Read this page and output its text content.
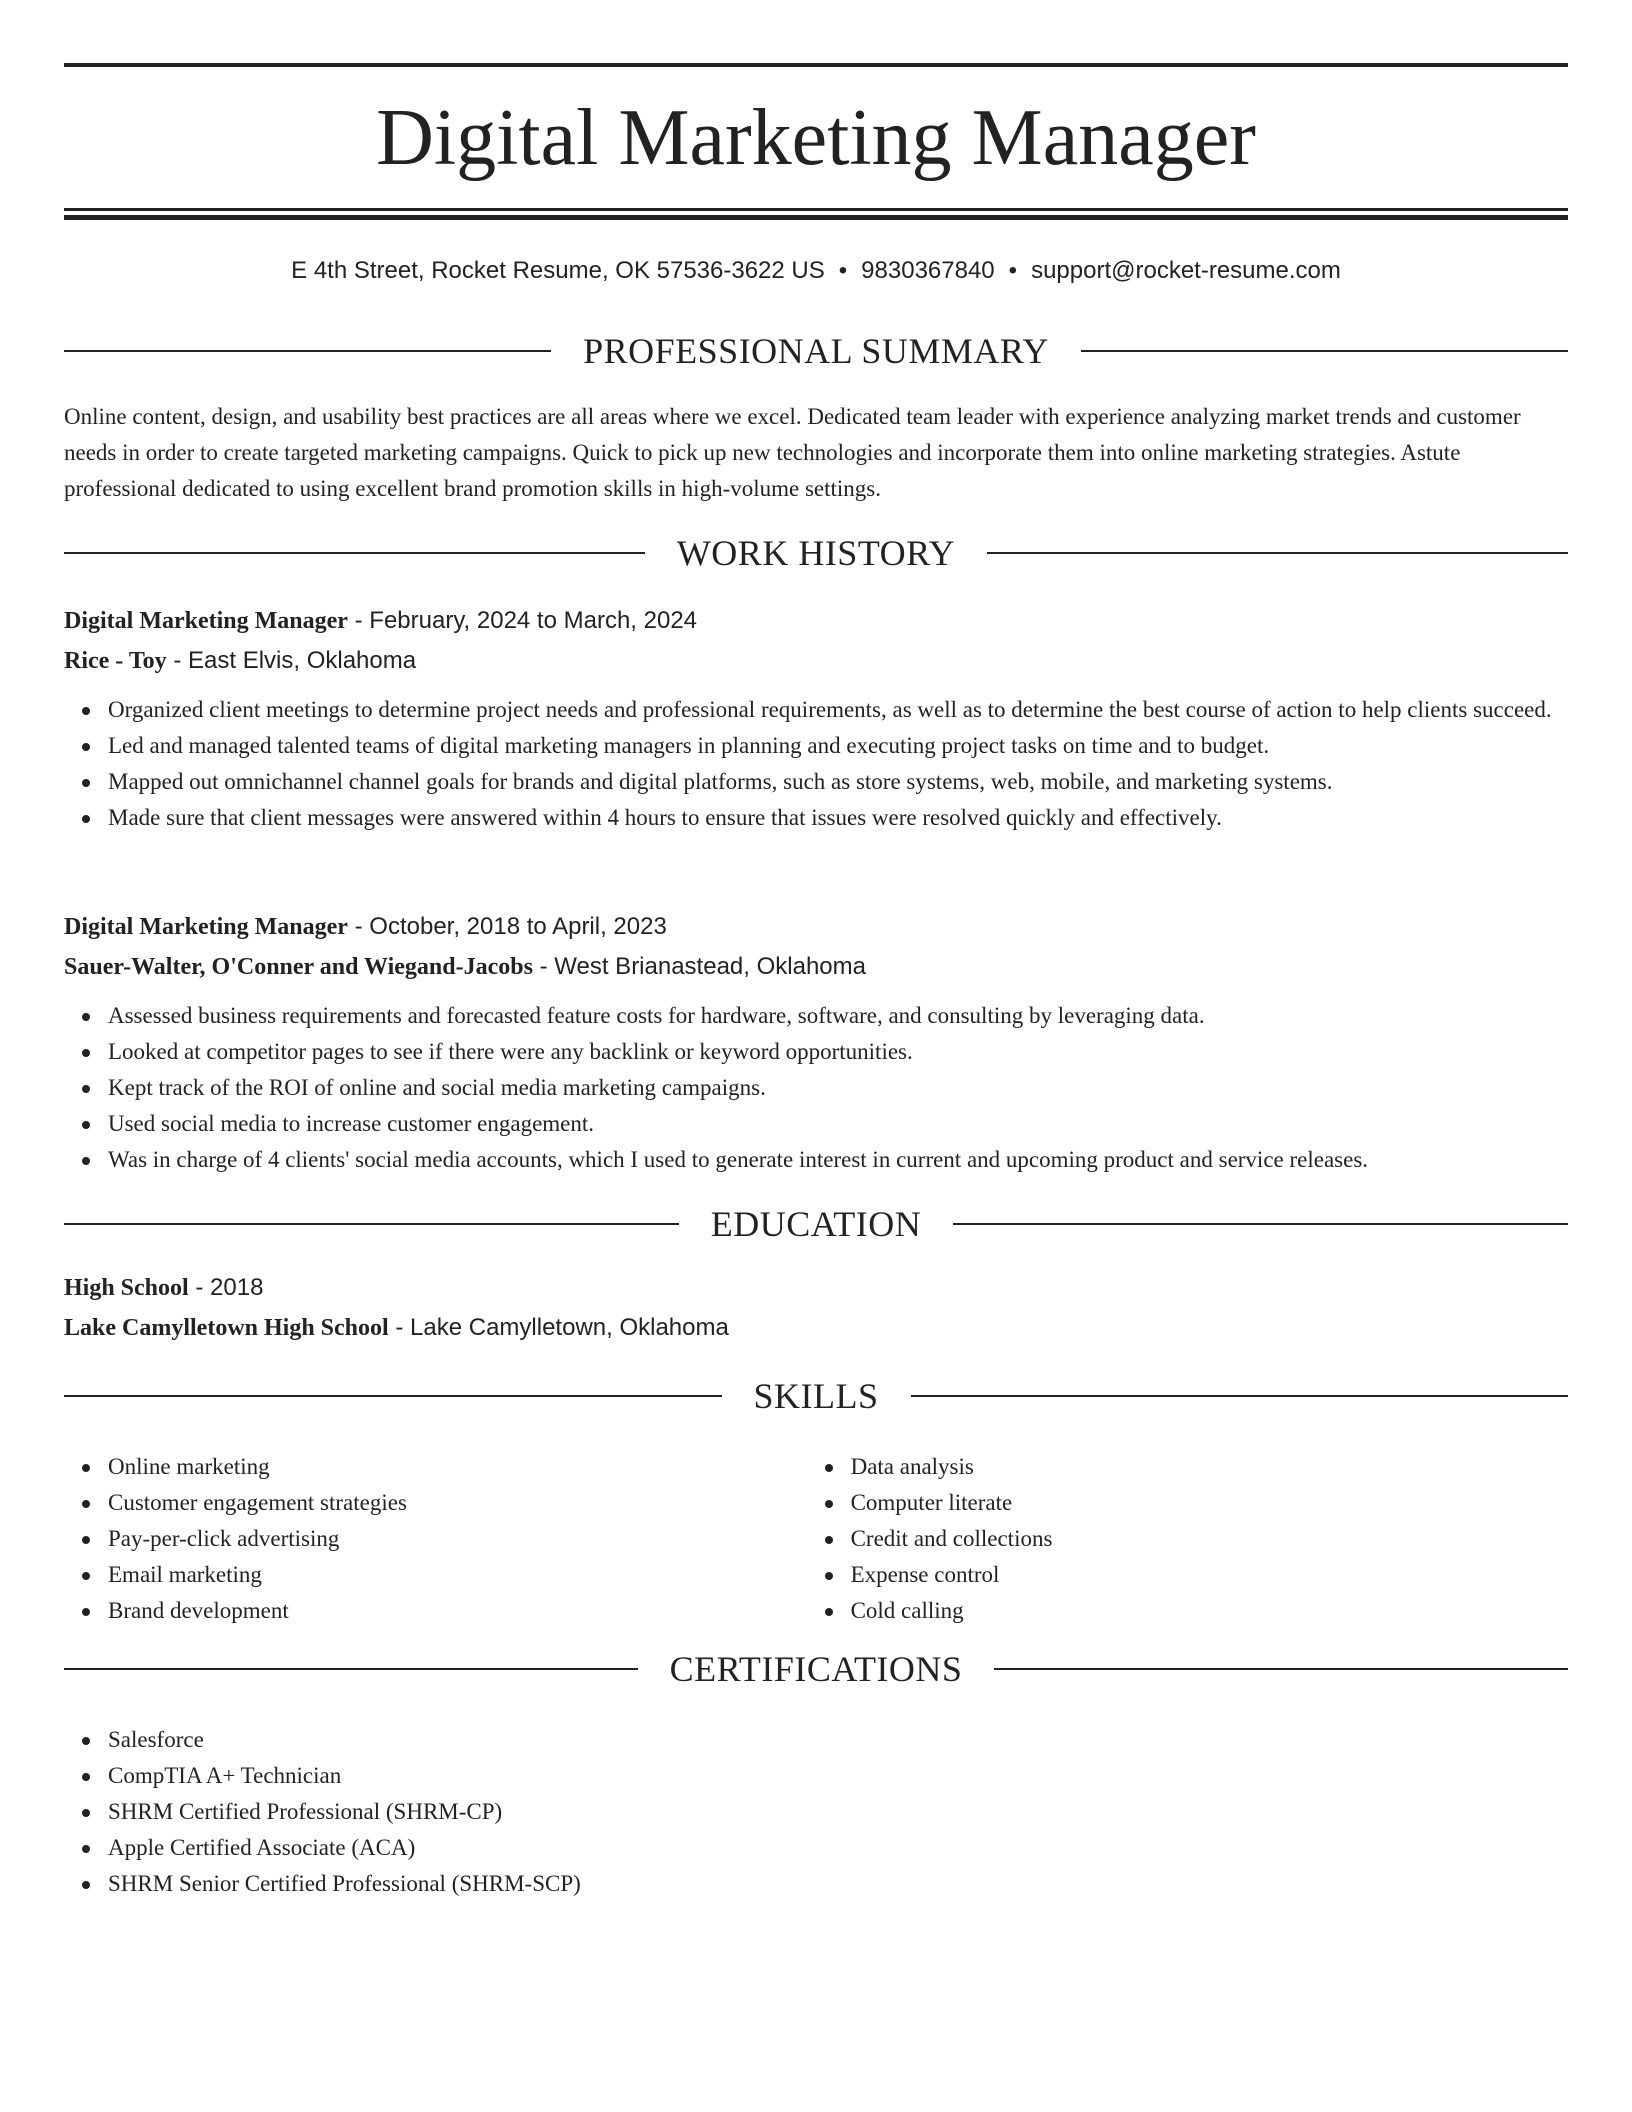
Digital Marketing Manager
E 4th Street, Rocket Resume, OK 57536-3622 US • 9830367840 • support@rocket-resume.com
PROFESSIONAL SUMMARY
Online content, design, and usability best practices are all areas where we excel. Dedicated team leader with experience analyzing market trends and customer needs in order to create targeted marketing campaigns. Quick to pick up new technologies and incorporate them into online marketing strategies. Astute professional dedicated to using excellent brand promotion skills in high-volume settings.
WORK HISTORY
Digital Marketing Manager - February, 2024 to March, 2024
Rice - Toy - East Elvis, Oklahoma
Organized client meetings to determine project needs and professional requirements, as well as to determine the best course of action to help clients succeed.
Led and managed talented teams of digital marketing managers in planning and executing project tasks on time and to budget.
Mapped out omnichannel channel goals for brands and digital platforms, such as store systems, web, mobile, and marketing systems.
Made sure that client messages were answered within 4 hours to ensure that issues were resolved quickly and effectively.
Digital Marketing Manager - October, 2018 to April, 2023
Sauer-Walter, O'Conner and Wiegand-Jacobs - West Brianastead, Oklahoma
Assessed business requirements and forecasted feature costs for hardware, software, and consulting by leveraging data.
Looked at competitor pages to see if there were any backlink or keyword opportunities.
Kept track of the ROI of online and social media marketing campaigns.
Used social media to increase customer engagement.
Was in charge of 4 clients' social media accounts, which I used to generate interest in current and upcoming product and service releases.
EDUCATION
High School - 2018
Lake Camylletown High School - Lake Camylletown, Oklahoma
SKILLS
Online marketing
Customer engagement strategies
Pay-per-click advertising
Email marketing
Brand development
Data analysis
Computer literate
Credit and collections
Expense control
Cold calling
CERTIFICATIONS
Salesforce
CompTIA A+ Technician
SHRM Certified Professional (SHRM-CP)
Apple Certified Associate (ACA)
SHRM Senior Certified Professional (SHRM-SCP)
